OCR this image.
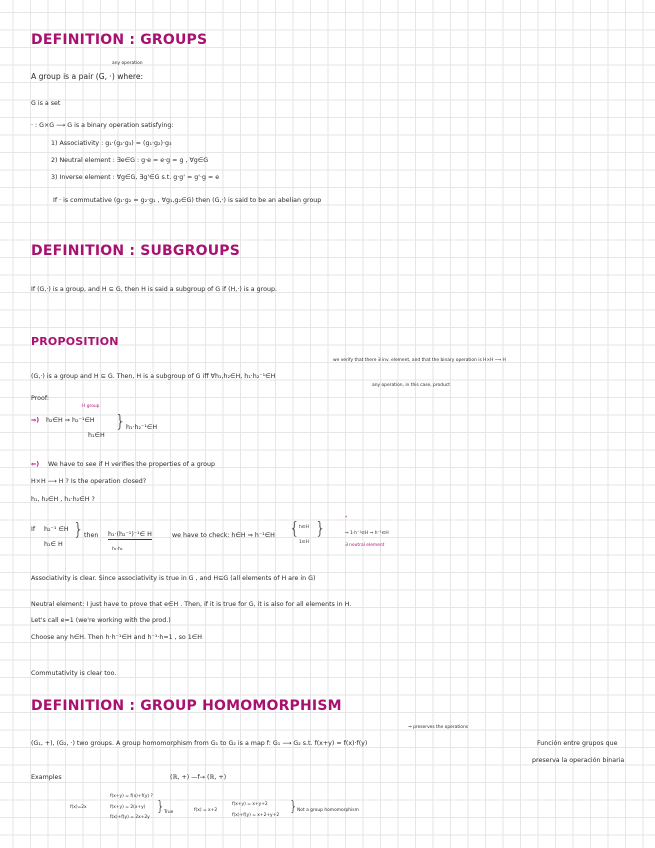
DEFINITION : GROUPS
any operation
A group is a pair (G, ·) where:
G is a set
· : G×G ⟶ G is a binary operation satisfying:
1) Associativity : g₁·(g₂·g₃) = (g₁·g₂)·g₃
2) Neutral element : ∃e∈G : g·e = e·g = g , ∀g∈G
3) Inverse element : ∀g∈G, ∃g'∈G s.t. g·g' = g'·g = e
If · is commutative (g₁·g₂ = g₂·g₁ , ∀g₁,g₂∈G) then (G,·) is said to be an abelian group
DEFINITION : SUBGROUPS
If (G,·) is a group, and H ⊆ G, then H is said a subgroup of G if (H,·) is a group.
PROPOSITION
we verify that there ∃ inv. element, and that the binary operation is H×H ⟶ H
(G,·) is a group and H ⊆ G. Then, H is a subgroup of G iff ∀h₁,h₂∈H, h₁·h₂⁻¹∈H
any operation, in this case, product
Proof:
⇒)
H group
h₂∈H ⇒ h₂⁻¹∈H
h₁∈H
} h₁·h₂⁻¹∈H
⇐) We have to see if H verifies the properties of a group
H×H ⟶ H ? Is the operation closed?
h₁, h₂∈H , h₁·h₂∈H ?
If h₂⁻¹ ∈H
h₁∈ H
} then h₁·(h₂⁻¹)⁻¹∈ H
h₁·h₂
we have to check: h∈H ⇒ h⁻¹∈H { h∈H
1∈H
}
*
⇒ 1·h⁻¹∈H ⇒ h⁻¹∈H
∃ neutral element
Associativity is clear. Since associativity is true in G , and H⊆G (all elements of H are in G)
Neutral element: I just have to prove that e∈H . Then, if it is true for G, it is also for all elements in H.
Let's call e=1 (we're working with the prod.)
Choose any h∈H. Then h·h⁻¹∈H and h⁻¹·h=1 , so 1∈H
Commutativity is clear too.
DEFINITION : GROUP HOMOMORPHISM
⇒ preserves the operations
(G₁, +), (G₂, ·) two groups. A group homomorphism from G₁ to G₂ is a map f: G₁ ⟶ G₂ s.t. f(x+y) = f(x)·f(y)	Función entre grupos que
preserva la operación binaria
Examples	(ℝ, +) —f→ (ℝ, +)
f(x+y) = f(x)+f(y) ?
f(x)=2x	f(x+y) = 2(x+y)
f(x)+f(y) = 2x+2y
} True	f(x) = x+2
f(x+y) = x+y+2
f(x)+f(y) = x+2+y+2
} Not a group homomorphism
